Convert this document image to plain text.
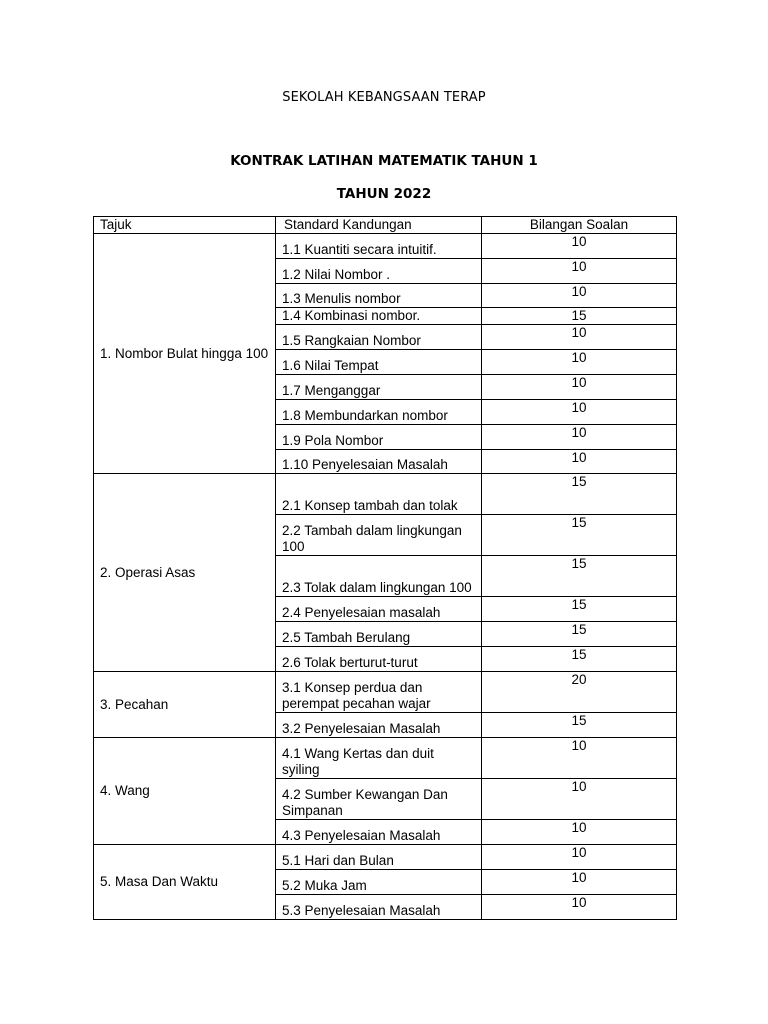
SEKOLAH KEBANGSAAN TERAP
KONTRAK LATIHAN MATEMATIK TAHUN 1
TAHUN 2022
Tajuk	Standard Kandungan	Bilangan Soalan
1. Nombor Bulat hingga 100	1.1 Kuantiti secara intuitif.	10
	1.2 Nilai Nombor .	10
	1.3 Menulis nombor	10
	1.4 Kombinasi nombor.	15
	1.5 Rangkaian Nombor	10
	1.6 Nilai Tempat	10
	1.7 Menganggar	10
	1.8 Membundarkan nombor	10
	1.9 Pola Nombor	10
	1.10 Penyelesaian Masalah	10
2. Operasi Asas	2.1 Konsep tambah dan tolak	15
	2.2 Tambah dalam lingkungan 100	15
	2.3 Tolak dalam lingkungan 100	15
	2.4 Penyelesaian masalah	15
	2.5 Tambah Berulang	15
	2.6 Tolak berturut-turut	15
3. Pecahan	3.1 Konsep perdua dan perempat pecahan wajar	20
	3.2 Penyelesaian Masalah	15
4. Wang	4.1 Wang Kertas dan duit syiling	10
	4.2 Sumber Kewangan Dan Simpanan	10
	4.3 Penyelesaian Masalah	10
5. Masa Dan Waktu	5.1 Hari dan Bulan	10
	5.2 Muka Jam	10
	5.3 Penyelesaian Masalah	10
